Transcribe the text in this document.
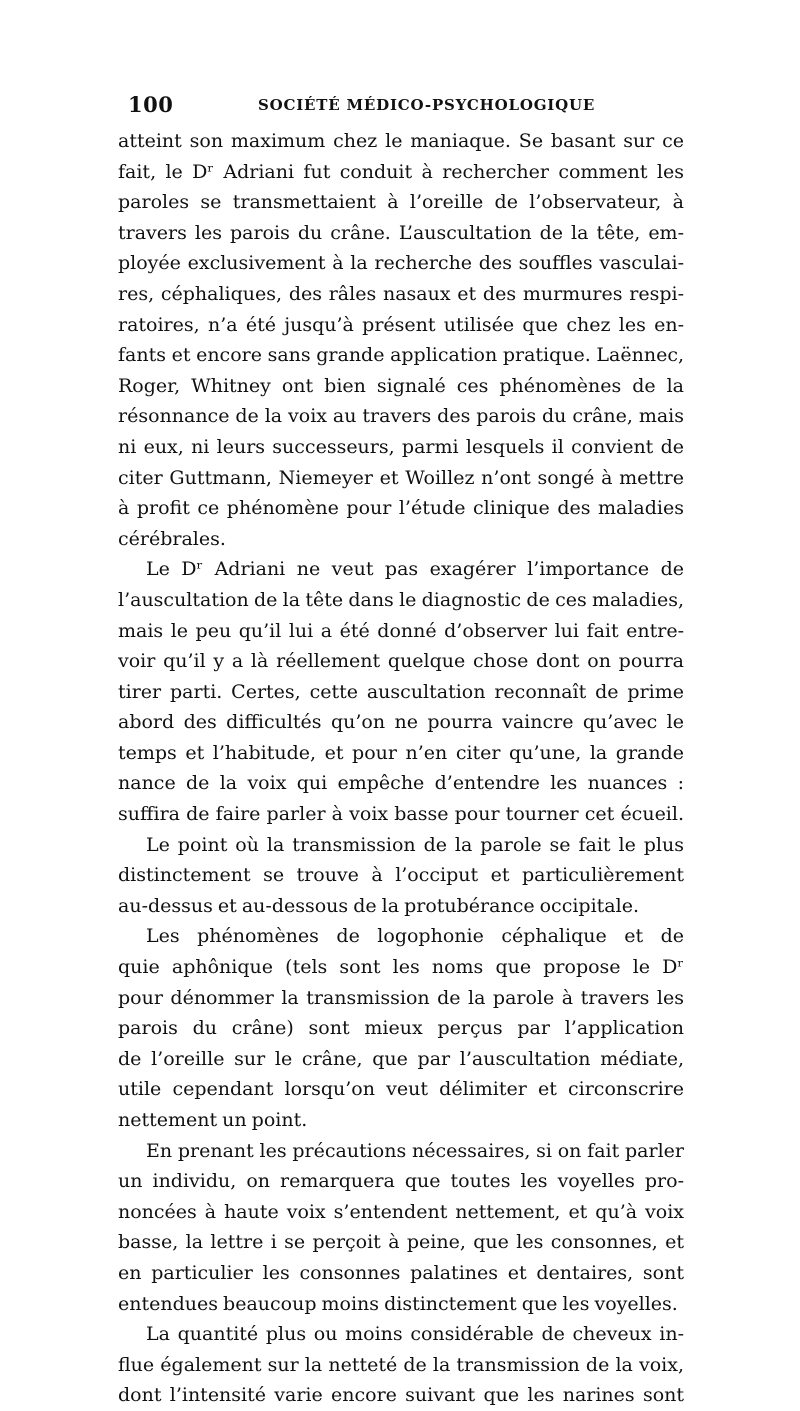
100	SOCIÉTÉ MÉDICO-PSYCHOLOGIQUE
atteint son maximum chez le maniaque. Se basant sur ce
fait, le Dʳ Adriani fut conduit à rechercher comment les
paroles se transmettaient à l’oreille de l’observateur, à
travers les parois du crâne. L’auscultation de la tête, em-
ployée exclusivement à la recherche des souffles vasculai-
res, céphaliques, des râles nasaux et des murmures respi-
ratoires, n’a été jusqu’à présent utilisée que chez les en-
fants et encore sans grande application pratique. Laënnec,
Roger, Whitney ont bien signalé ces phénomènes de la
résonnance de la voix au travers des parois du crâne, mais
ni eux, ni leurs successeurs, parmi lesquels il convient de
citer Guttmann, Niemeyer et Woillez n’ont songé à mettre
à profit ce phénomène pour l’étude clinique des maladies
cérébrales.
Le Dʳ Adriani ne veut pas exagérer l’importance de
l’auscultation de la tête dans le diagnostic de ces maladies,
mais le peu qu’il lui a été donné d’observer lui fait entre-
voir qu’il y a là réellement quelque chose dont on pourra
tirer parti. Certes, cette auscultation reconnaît de prime
abord des difficultés qu’on ne pourra vaincre qu’avec le
temps et l’habitude, et pour n’en citer qu’une, la grande
nance de la voix qui empêche d’entendre les nuances :
suffira de faire parler à voix basse pour tourner cet écueil.
Le point où la transmission de la parole se fait le plus
distinctement se trouve à l’occiput et particulièrement
au-dessus et au-dessous de la protubérance occipitale.
Les phénomènes de logophonie céphalique et de
quie aphônique (tels sont les noms que propose le Dʳ
pour dénommer la transmission de la parole à travers les
parois du crâne) sont mieux perçus par l’application
de l’oreille sur le crâne, que par l’auscultation médiate,
utile cependant lorsqu’on veut délimiter et circonscrire
nettement un point.
En prenant les précautions nécessaires, si on fait parler
un individu, on remarquera que toutes les voyelles pro-
noncées à haute voix s’entendent nettement, et qu’à voix
basse, la lettre i se perçoit à peine, que les consonnes, et
en particulier les consonnes palatines et dentaires, sont
entendues beaucoup moins distinctement que les voyelles.
La quantité plus ou moins considérable de cheveux in-
flue également sur la netteté de la transmission de la voix,
dont l’intensité varie encore suivant que les narines sont
